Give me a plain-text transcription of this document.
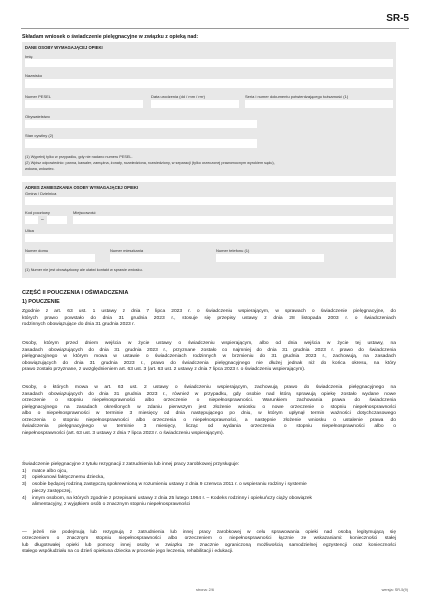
SR-5
Składam wniosek o świadczenie pielęgnacyjne w związku z opieką nad:
DANE OSOBY WYMAGAJĄCEJ OPIEKI
Imię
Nazwisko
Numer PESEL	Data urodzenia (dd / mm / rrrr)	Seria i numer dokumentu potwierdzającego tożsamość (1)
Obywatelstwo
Stan cywilny (2)
(1) Wypełnij tylko w przypadku, gdy nie nadano numeru PESEL.
(2) Wpisz odpowiednio: panna, kawaler, zamężna, żonaty, rozwiedziona, rozwiedziony, w separacji (tylko orzeczonej prawomocnym wyrokiem sądu),
wdowa, wdowiec.
ADRES ZAMIESZKANIA OSOBY WYMAGAJĄCEJ OPIEKI
Gmina / Dzielnica
Kod pocztowy
–
Miejscowość
Ulica
Numer domu	Numer mieszkania	Numer telefonu (1)
(1) Numer nie jest obowiązkowy ale ułatwi kontakt w sprawie wniosku.
CZĘŚĆ II POUCZENIA I OŚWIADCZENIA
1) POUCZENIE
Zgodnie z art. 63 ust. 1 ustawy z dnia 7 lipca 2023 r. o świadczeniu wspierającym, w sprawach o świadczenie pielęgnacyjne, do
których prawo powstało do dnia 31 grudnia 2023 r., stosuje się przepisy ustawy z dnia 28 listopada 2003 r. o świadczeniach
rodzinnych obowiązujące do dnia 31 grudnia 2023 r.
Osoby, którym przed dniem wejścia w życie ustawy o świadczeniu wspierającym, albo od dnia wejścia w życie tej ustawy, na
zasadach obowiązujących do dnia 31 grudnia 2023 r., przyznane zostało co najmniej do dnia 31 grudnia 2023 r. prawo do świadczenia
pielęgnacyjnego w którym mowa w ustawie o świadczeniach rodzinnych w brzmieniu do 31 grudnia 2023 r., zachowują, na zasadach
obowiązujących do dnia 31 grudnia 2023 r., prawo do świadczenia pielęgnacyjnego nie dłużej jednak niż do końca okresu, na który
prawo zostało przyznane, z uwzględnieniem art. 63 ust. 3 (art. 63 ust. 2 ustawy z dnia 7 lipca 2023 r. o świadczeniu wspierającym).
Osoby, o których mowa w art. 63 ust. 2 ustawy o świadczeniu wspierającym, zachowują prawo do świadczenia pielęgnacyjnego na
zasadach obowiązujących do dnia 31 grudnia 2023 r., również w przypadku, gdy osobie nad którą sprawują opiekę zostało wydane nowe
orzeczenie o stopniu niepełnosprawności albo orzeczenie o niepełnosprawności. Warunkiem zachowania prawa do świadczenia
pielęgnacyjnego na zasadach określonych w zdaniu pierwszym jest złożenie wniosku o nowe orzeczenie o stopniu niepełnosprawności
albo o niepełnosprawności w terminie 3 miesięcy od dnia następującego po dniu, w którym upłynął termin ważności dotychczasowego
orzeczenia o stopniu niepełnosprawności albo orzeczenia o niepełnosprawności, a następnie złożenie wniosku o ustalenie prawa do
świadczenia pielęgnacyjnego w terminie 3 miesięcy, licząc od wydania orzeczenia o stopniu niepełnosprawności albo o
niepełnosprawności (art. 63 ust. 3 ustawy z dnia 7 lipca 2023 r. o świadczeniu wspierającym).
Świadczenie pielęgnacyjne z tytułu rezygnacji z zatrudnienia lub innej pracy zarobkowej przysługuje:
1) matce albo ojcu,
2) opiekunowi faktycznemu dziecka,
3) osobie będącej rodziną zastępczą spokrewnioną w rozumieniu ustawy z dnia 9 czerwca 2011 r. o wspieraniu rodziny i systemie
pieczy zastępczej,
4) innym osobom, na których zgodnie z przepisami ustawy z dnia 25 lutego 1964 r. – Kodeks rodzinny i opiekuńczy ciąży obowiązek
alimentacyjny, z wyjątkiem osób o znacznym stopniu niepełnosprawności
— jeżeli nie podejmują lub rezygnują z zatrudnienia lub innej pracy zarobkowej w celu sprawowania opieki nad osobą legitymującą się
orzeczeniem o znacznym stopniu niepełnosprawności albo orzeczeniem o niepełnosprawności łącznie ze wskazaniami: konieczności stałej
lub długotrwałej opieki lub pomocy innej osoby w związku ze znacznie ograniczoną możliwością samodzielnej egzystencji oraz konieczności
stałego współudziału na co dzień opiekuna dziecka w procesie jego leczenia, rehabilitacji i edukacji.
strona: 2/6	wersja: SR-5(9)
